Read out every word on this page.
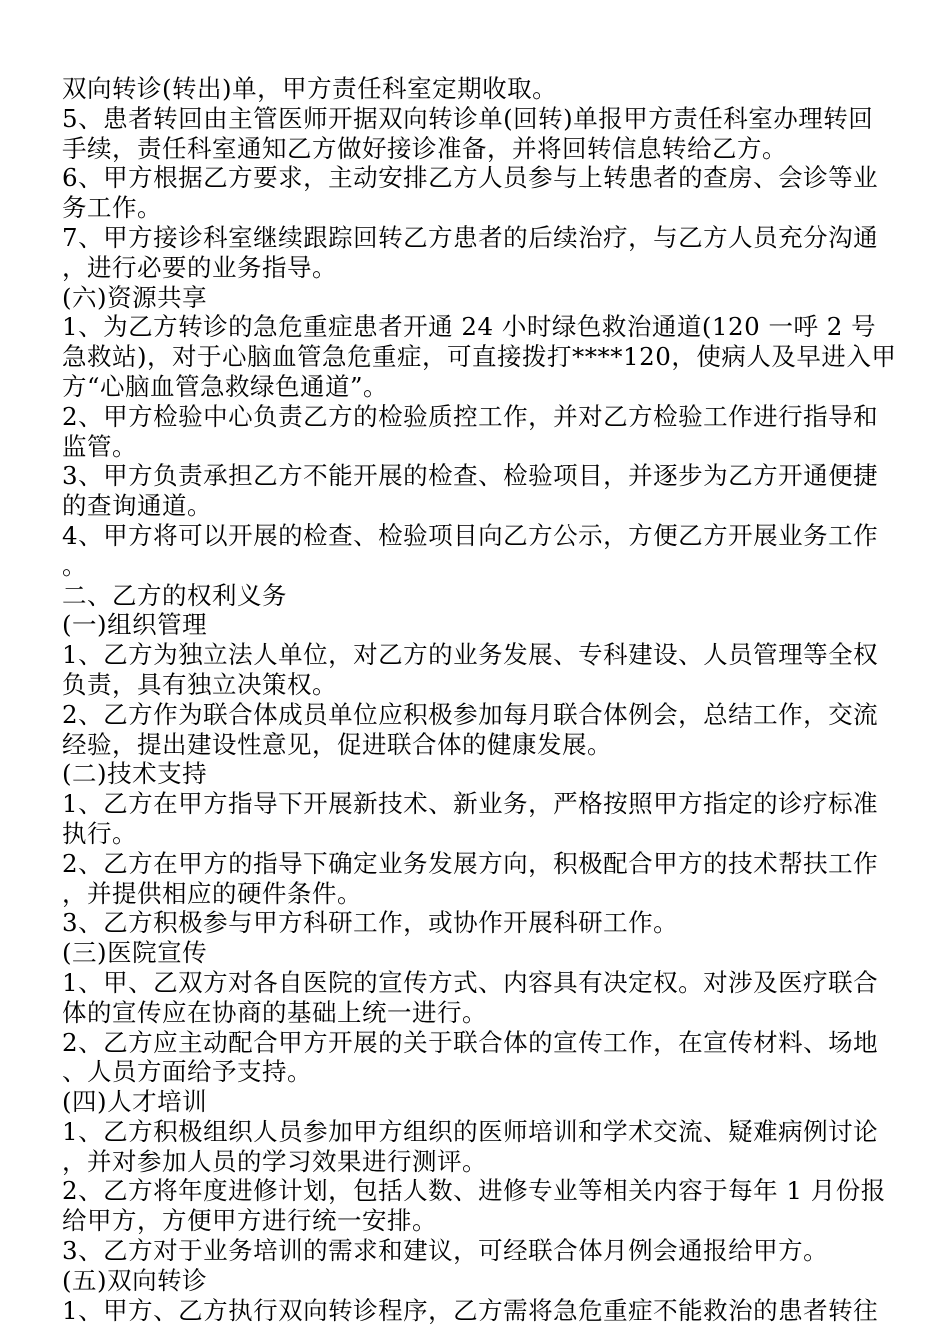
双向转诊(转出)单，甲方责任科室定期收取。

5、患者转回由主管医师开据双向转诊单(回转)单报甲方责任科室办理转回手续，责任科室通知乙方做好接诊准备，并将回转信息转给乙方。

6、甲方根据乙方要求，主动安排乙方人员参与上转患者的查房、会诊等业务工作。

7、甲方接诊科室继续跟踪回转乙方患者的后续治疗，与乙方人员充分沟通，进行必要的业务指导。

(六)资源共享

1、为乙方转诊的急危重症患者开通 24 小时绿色救治通道(120 一呼 2 号急救站)，对于心脑血管急危重症，可直接拨打****120，使病人及早进入甲方“心脑血管急救绿色通道”。

2、甲方检验中心负责乙方的检验质控工作，并对乙方检验工作进行指导和监管。

3、甲方负责承担乙方不能开展的检查、检验项目，并逐步为乙方开通便捷的查询通道。

4、甲方将可以开展的检查、检验项目向乙方公示，方便乙方开展业务工作。

二、乙方的权利义务

(一)组织管理

1、乙方为独立法人单位，对乙方的业务发展、专科建设、人员管理等全权负责，具有独立决策权。

2、乙方作为联合体成员单位应积极参加每月联合体例会，总结工作，交流经验，提出建设性意见，促进联合体的健康发展。

(二)技术支持

1、乙方在甲方指导下开展新技术、新业务，严格按照甲方指定的诊疗标准执行。

2、乙方在甲方的指导下确定业务发展方向，积极配合甲方的技术帮扶工作，并提供相应的硬件条件。

3、乙方积极参与甲方科研工作，或协作开展科研工作。

(三)医院宣传

1、甲、乙双方对各自医院的宣传方式、内容具有决定权。对涉及医疗联合体的宣传应在协商的基础上统一进行。

2、乙方应主动配合甲方开展的关于联合体的宣传工作，在宣传材料、场地、人员方面给予支持。

(四)人才培训

1、乙方积极组织人员参加甲方组织的医师培训和学术交流、疑难病例讨论，并对参加人员的学习效果进行测评。

2、乙方将年度进修计划，包括人数、进修专业等相关内容于每年 1 月份报给甲方，方便甲方进行统一安排。

3、乙方对于业务培训的需求和建议，可经联合体月例会通报给甲方。

(五)双向转诊

1、甲方、乙方执行双向转诊程序，乙方需将急危重症不能救治的患者转往
